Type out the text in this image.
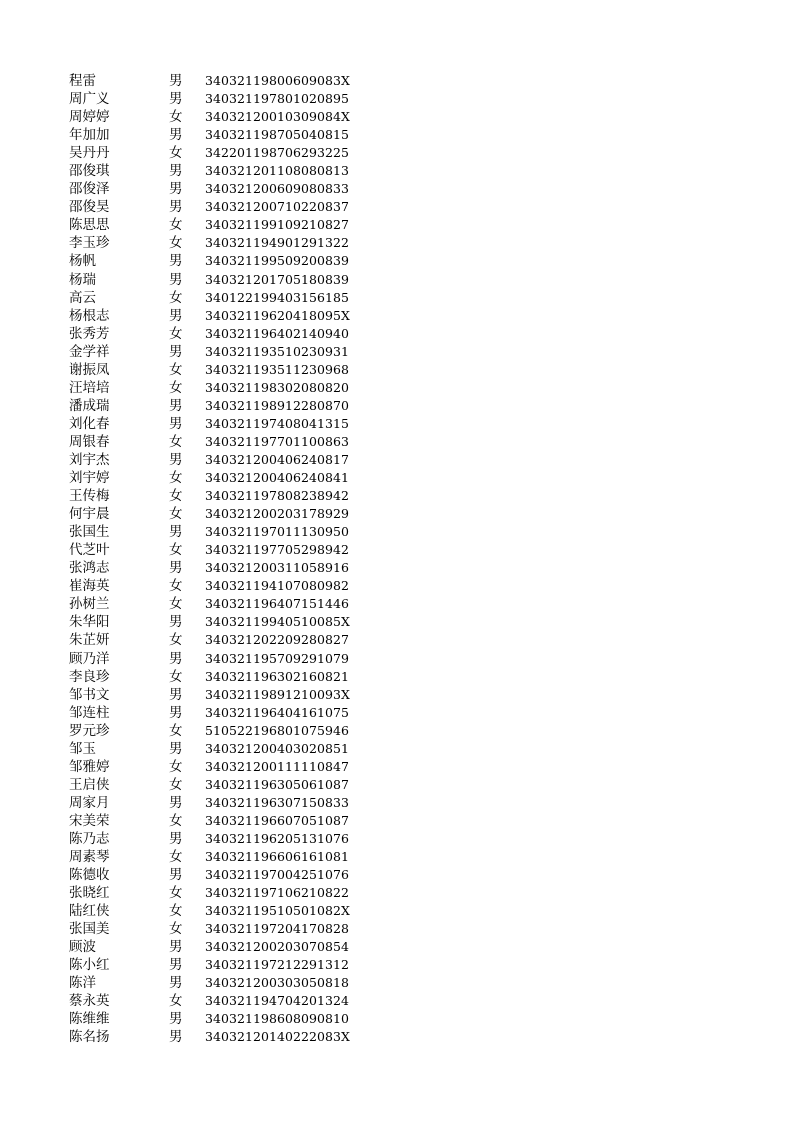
程雷	男	34032119800609083X
周广义	男	340321197801020895
周婷婷	女	34032120010309084X
年加加	男	340321198705040815
吴丹丹	女	342201198706293225
邵俊琪	男	340321201108080813
邵俊泽	男	340321200609080833
邵俊昊	男	340321200710220837
陈思思	女	340321199109210827
李玉珍	女	340321194901291322
杨帆	男	340321199509200839
杨瑞	男	340321201705180839
高云	女	340122199403156185
杨根志	男	34032119620418095X
张秀芳	女	340321196402140940
金学祥	男	340321193510230931
谢振凤	女	340321193511230968
汪培培	女	340321198302080820
潘成瑞	男	340321198912280870
刘化春	男	340321197408041315
周银春	女	340321197701100863
刘宇杰	男	340321200406240817
刘宇婷	女	340321200406240841
王传梅	女	340321197808238942
何宇晨	女	340321200203178929
张国生	男	340321197011130950
代芝叶	女	340321197705298942
张鸿志	男	340321200311058916
崔海英	女	340321194107080982
孙树兰	女	340321196407151446
朱华阳	男	34032119940510085X
朱芷妍	女	340321202209280827
顾乃洋	男	340321195709291079
李良珍	女	340321196302160821
邹书文	男	34032119891210093X
邹连柱	男	340321196404161075
罗元珍	女	510522196801075946
邹玉	男	340321200403020851
邹雅婷	女	340321200111110847
王启侠	女	340321196305061087
周家月	男	340321196307150833
宋美荣	女	340321196607051087
陈乃志	男	340321196205131076
周素琴	女	340321196606161081
陈德收	男	340321197004251076
张晓红	女	340321197106210822
陆红侠	女	34032119510501082X
张国美	女	340321197204170828
顾波	男	340321200203070854
陈小红	男	340321197212291312
陈洋	男	340321200303050818
蔡永英	女	340321194704201324
陈维维	男	340321198608090810
陈名扬	男	34032120140222083X
